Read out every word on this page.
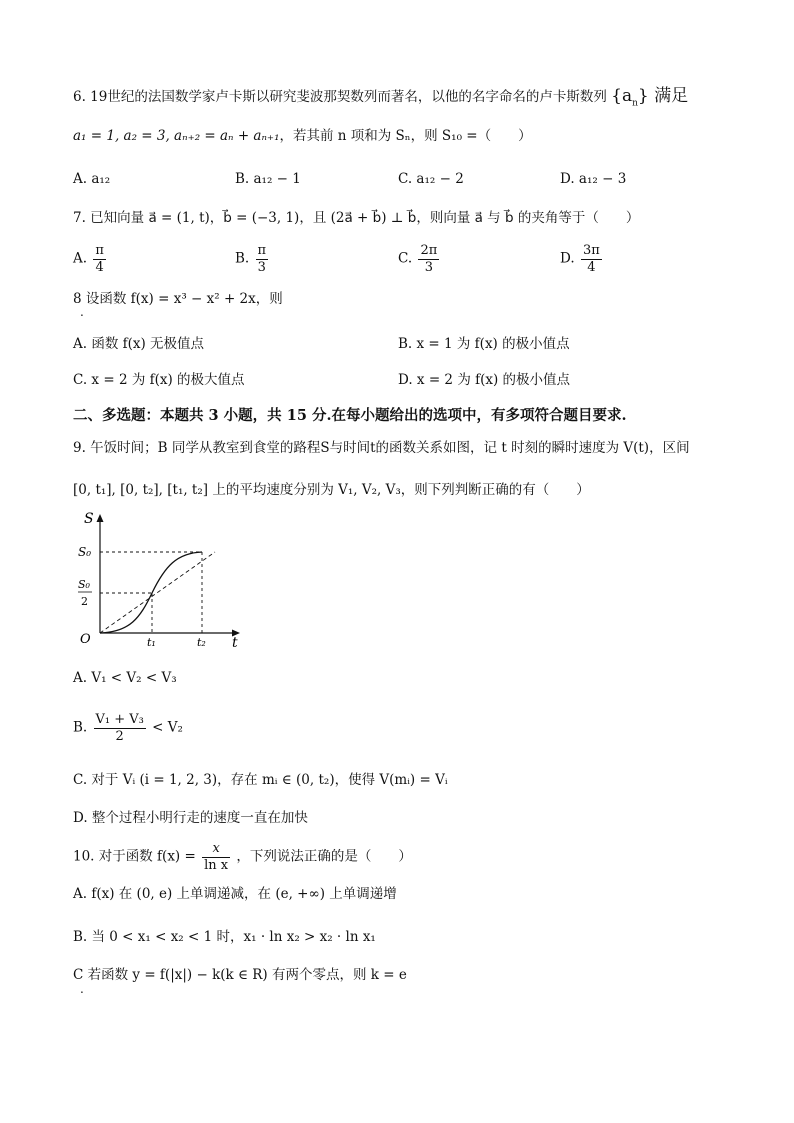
6. 19世纪的法国数学家卢卡斯以研究斐波那契数列而著名，以他的名字命名的卢卡斯数列 $\{a_n\}$ 满足
a₁ = 1, a₂ = 3, aₙ₊₂ = aₙ + aₙ₊₁，若其前 n 项和为 Sₙ，则 S₁₀ =（　　）
A. a₁₂	B. a₁₂ − 1	C. a₁₂ − 2	D. a₁₂ − 3
7. 已知向量 a⃗ = (1, t)，b⃗ = (−3, 1)，且 (2a⃗ + b⃗) ⊥ b⃗，则向量 a⃗ 与 b⃗ 的夹角等于（　　）
A. $\frac{\pi}{4}$	B. $\frac{\pi}{3}$	C. $\frac{2\pi}{3}$	D. $\frac{3\pi}{4}$
8 设函数 f(x) = x³ − x² + 2x，则
.
A. 函数 f(x) 无极值点	B. x = 1 为 f(x) 的极小值点
C. x = 2 为 f(x) 的极大值点	D. x = 2 为 f(x) 的极小值点
二、多选题：本题共 3 小题，共 15 分.在每小题给出的选项中，有多项符合题目要求.
9. 午饭时间；B 同学从教室到食堂的路程S与时间t的函数关系如图，记 t 时刻的瞬时速度为 V(t)，区间
[0, t₁], [0, t₂], [t₁, t₂] 上的平均速度分别为 V₁, V₂, V₃，则下列判断正确的有（　　）
S
t
O
S₀
S₀
2
t₁	t₂
A. V₁ < V₂ < V₃
B. $\frac{\text{V₁ + V₃}}{2} < V_2$
C. 对于 Vᵢ (i = 1, 2, 3)，存在 mᵢ ∈ (0, t₂)，使得 V(mᵢ) = Vᵢ
D. 整个过程小明行走的速度一直在加快
10. 对于函数 $f(x) = \frac{x}{\text{ln x}}$ ，下列说法正确的是（　　）
A. f(x) 在 (0, e) 上单调递减，在 (e, +∞) 上单调递增
B. 当 0 < x₁ < x₂ < 1 时，x₁ · ln x₂ > x₂ · ln x₁
C 若函数 y = f(|x|) − k(k ∈ R) 有两个零点，则 k = e
.
